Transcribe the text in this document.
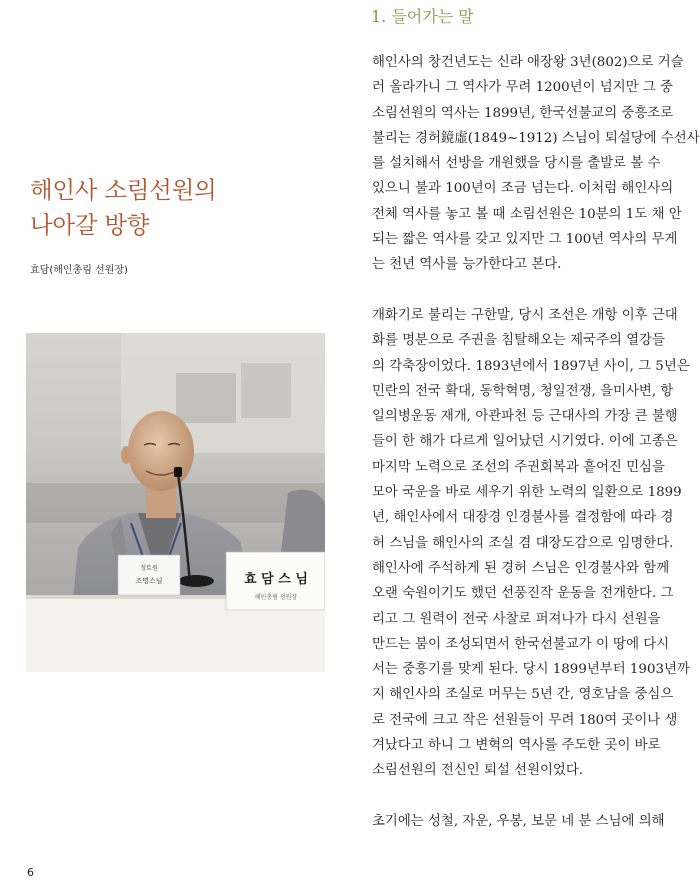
1. 들어가는 말
해인사 소림선원의
나아갈 방향
효담(해인총림 선원장)
정토원
조명스님	효 담 스 님
해인총림 선원장
해인사의 창건년도는 신라 애장왕 3년(802)으로 거슬
러 올라가니 그 역사가 무려 1200년이 넘지만 그 중
소림선원의 역사는 1899년, 한국선불교의 중흥조로
불리는 경허鏡虛(1849~1912) 스님이 퇴설당에 수선사
를 설치해서 선방을 개원했을 당시를 출발로 볼 수
있으니 불과 100년이 조금 넘는다. 이처럼 해인사의
전체 역사를 놓고 볼 때 소림선원은 10분의 1도 채 안
되는 짧은 역사를 갖고 있지만 그 100년 역사의 무게
는 천년 역사를 능가한다고 본다.
개화기로 불리는 구한말, 당시 조선은 개항 이후 근대
화를 명분으로 주권을 침탈해오는 제국주의 열강들
의 각축장이었다. 1893년에서 1897년 사이, 그 5년은
민란의 전국 확대, 동학혁명, 청일전쟁, 을미사변, 항
일의병운동 재개, 아관파천 등 근대사의 가장 큰 불행
들이 한 해가 다르게 일어났던 시기였다. 이에 고종은
마지막 노력으로 조선의 주권회복과 흩어진 민심을
모아 국운을 바로 세우기 위한 노력의 일환으로 1899
년, 해인사에서 대장경 인경불사를 결정함에 따라 경
허 스님을 해인사의 조실 겸 대장도감으로 임명한다.
해인사에 주석하게 된 경허 스님은 인경불사와 함께
오랜 숙원이기도 했던 선풍진작 운동을 전개한다. 그
리고 그 원력이 전국 사찰로 퍼져나가 다시 선원을
만드는 붐이 조성되면서 한국선불교가 이 땅에 다시
서는 중흥기를 맞게 된다. 당시 1899년부터 1903년까
지 해인사의 조실로 머무는 5년 간, 영호남을 중심으
로 전국에 크고 작은 선원들이 무려 180여 곳이나 생
겨났다고 하니 그 변혁의 역사를 주도한 곳이 바로
소림선원의 전신인 퇴설 선원이었다.
초기에는 성철, 자운, 우봉, 보문 네 분 스님에 의해
6
